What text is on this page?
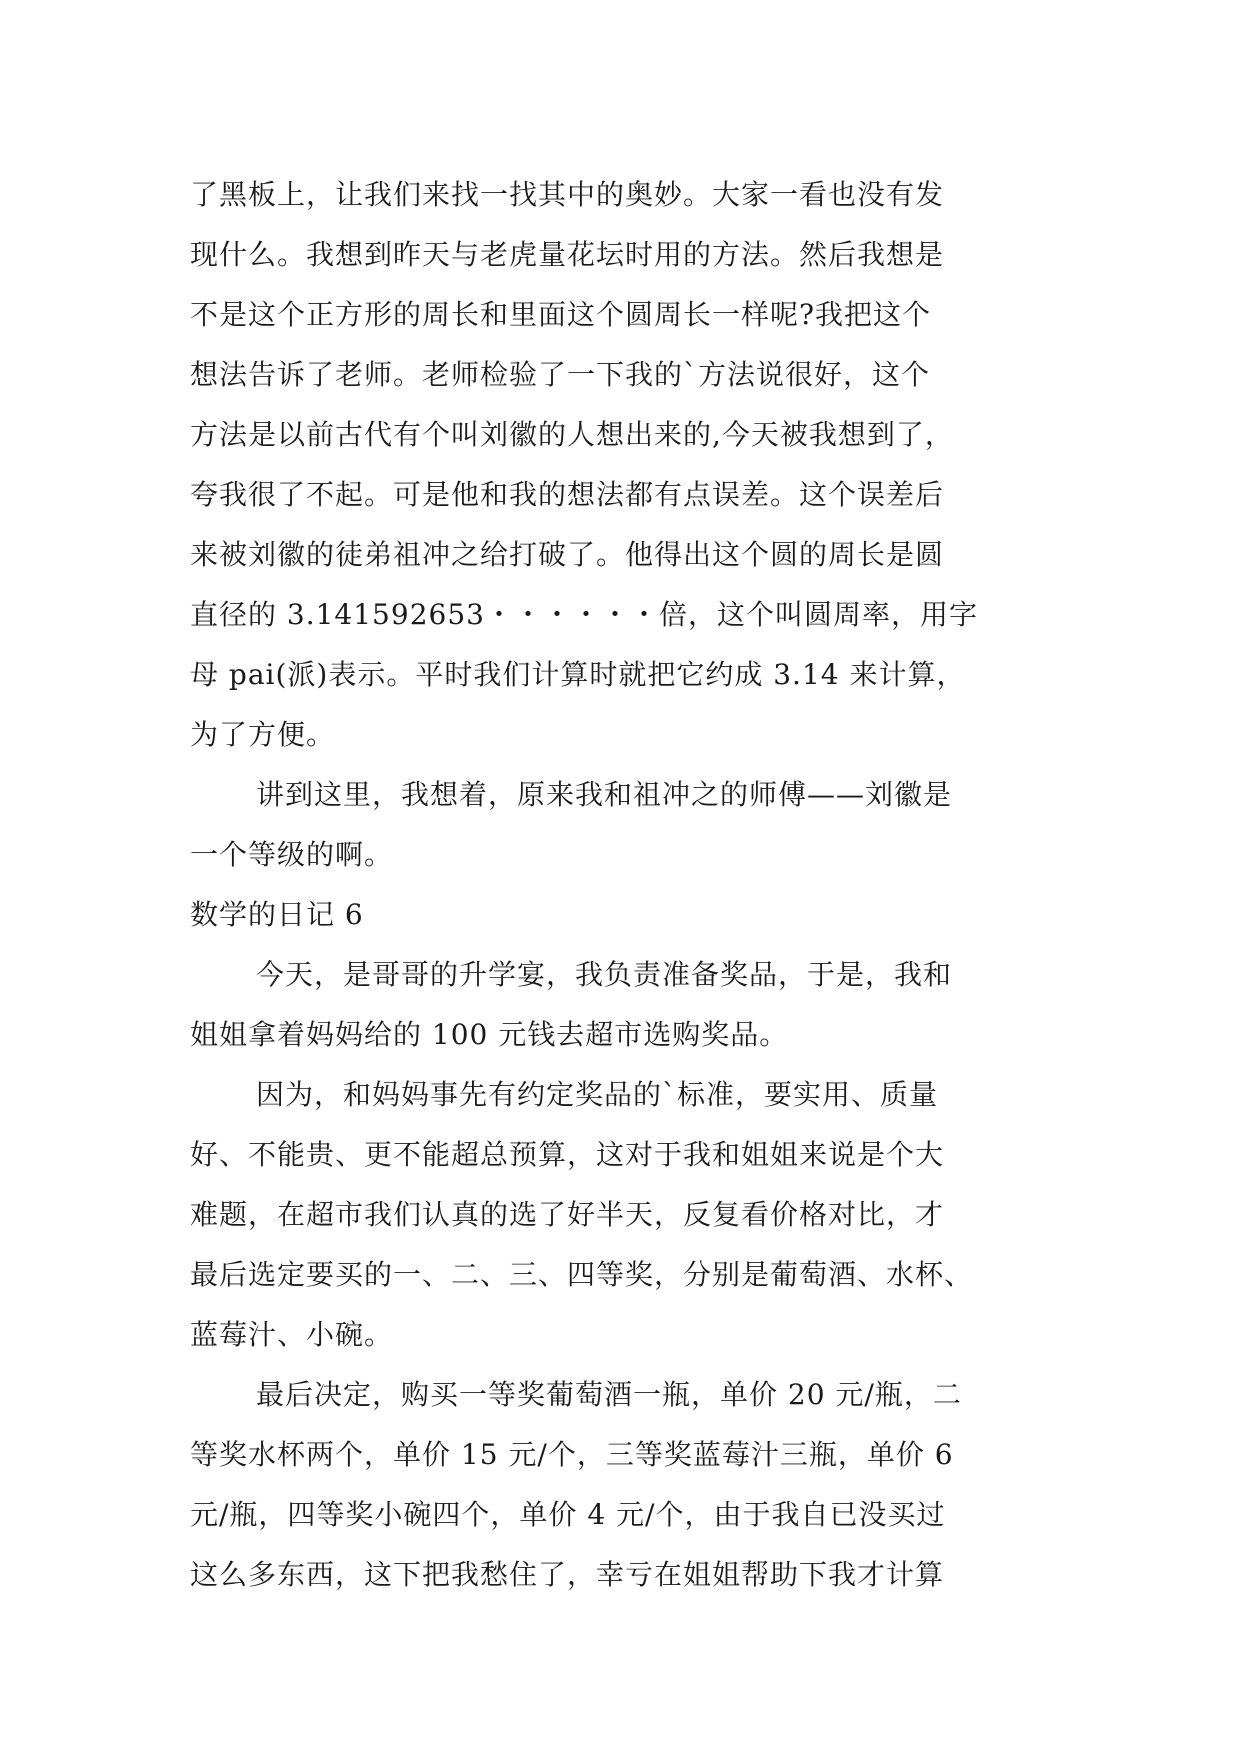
了黑板上，让我们来找一找其中的奥妙。大家一看也没有发
现什么。我想到昨天与老虎量花坛时用的方法。然后我想是
不是这个正方形的周长和里面这个圆周长一样呢?我把这个
想法告诉了老师。老师检验了一下我的`方法说很好，这个
方法是以前古代有个叫刘徽的人想出来的,今天被我想到了，
夸我很了不起。可是他和我的想法都有点误差。这个误差后
来被刘徽的徒弟祖冲之给打破了。他得出这个圆的周长是圆
直径的 3.141592653・・・・・・倍，这个叫圆周率，用字
母 pai(派)表示。平时我们计算时就把它约成 3.14 来计算，
为了方便。
讲到这里，我想着，原来我和祖冲之的师傅——刘徽是
一个等级的啊。
数学的日记 6
今天，是哥哥的升学宴，我负责准备奖品，于是，我和
姐姐拿着妈妈给的 100 元钱去超市选购奖品。
因为，和妈妈事先有约定奖品的`标准，要实用、质量
好、不能贵、更不能超总预算，这对于我和姐姐来说是个大
难题，在超市我们认真的选了好半天，反复看价格对比，才
最后选定要买的一、二、三、四等奖，分别是葡萄酒、水杯、
蓝莓汁、小碗。
最后决定，购买一等奖葡萄酒一瓶，单价 20 元/瓶，二
等奖水杯两个，单价 15 元/个，三等奖蓝莓汁三瓶，单价 6
元/瓶，四等奖小碗四个，单价 4 元/个，由于我自已没买过
这么多东西，这下把我愁住了，幸亏在姐姐帮助下我才计算
